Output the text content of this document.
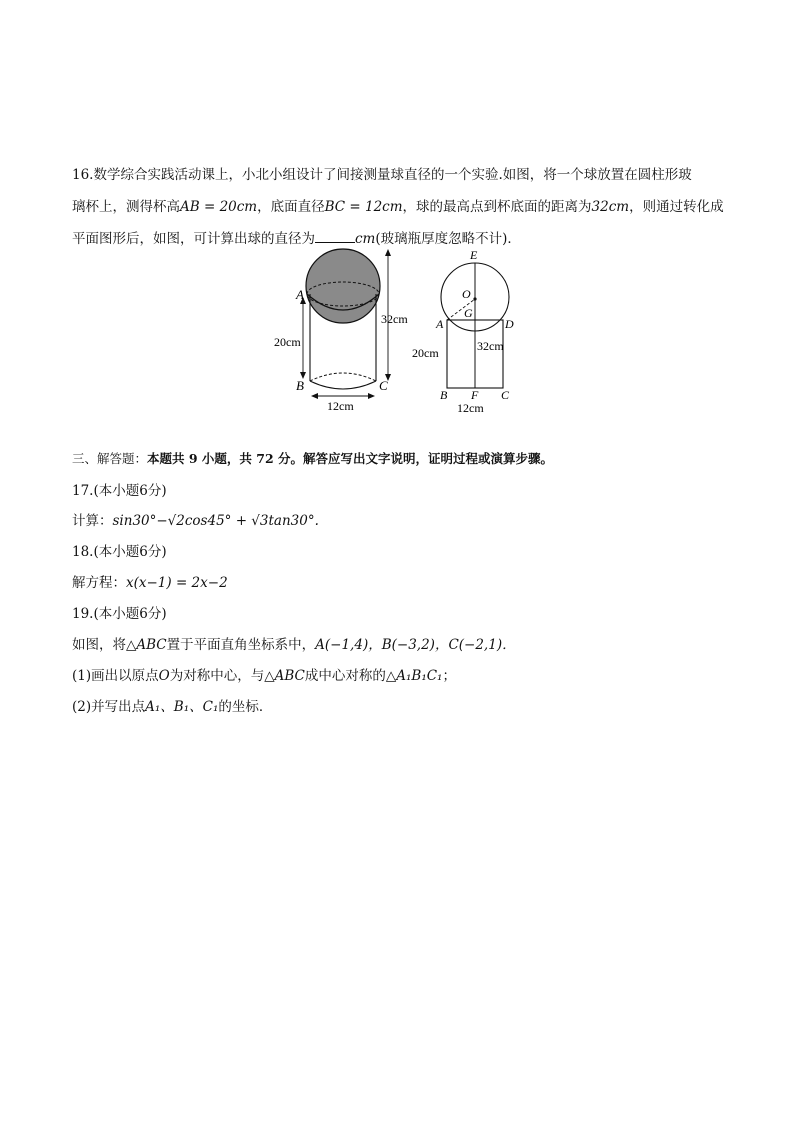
16.数学综合实践活动课上，小北小组设计了间接测量球直径的一个实验.如图，将一个球放置在圆柱形玻
璃杯上，测得杯高AB = 20cm，底面直径BC = 12cm，球的最高点到杯底面的距离为32cm，则通过转化成
平面图形后，如图，可计算出球的直径为	cm(玻璃瓶厚度忽略不计)．
A
B	C
20cm
32cm
12cm
E
O
G
A	D
B F C
20cm	32cm
12cm
三、解答题：本题共 9 小题，共 72 分。解答应写出文字说明，证明过程或演算步骤。
17.(本小题6分)
计算：sin30°−√2cos45° + √3tan30°.
18.(本小题6分)
解方程：x(x−1) = 2x−2
19.(本小题6分)
如图，将△ABC置于平面直角坐标系中，A(−1,4)，B(−3,2)，C(−2,1)．
(1)画出以原点O为对称中心，与△ABC成中心对称的△A₁B₁C₁；
(2)并写出点A₁、B₁、C₁的坐标．
